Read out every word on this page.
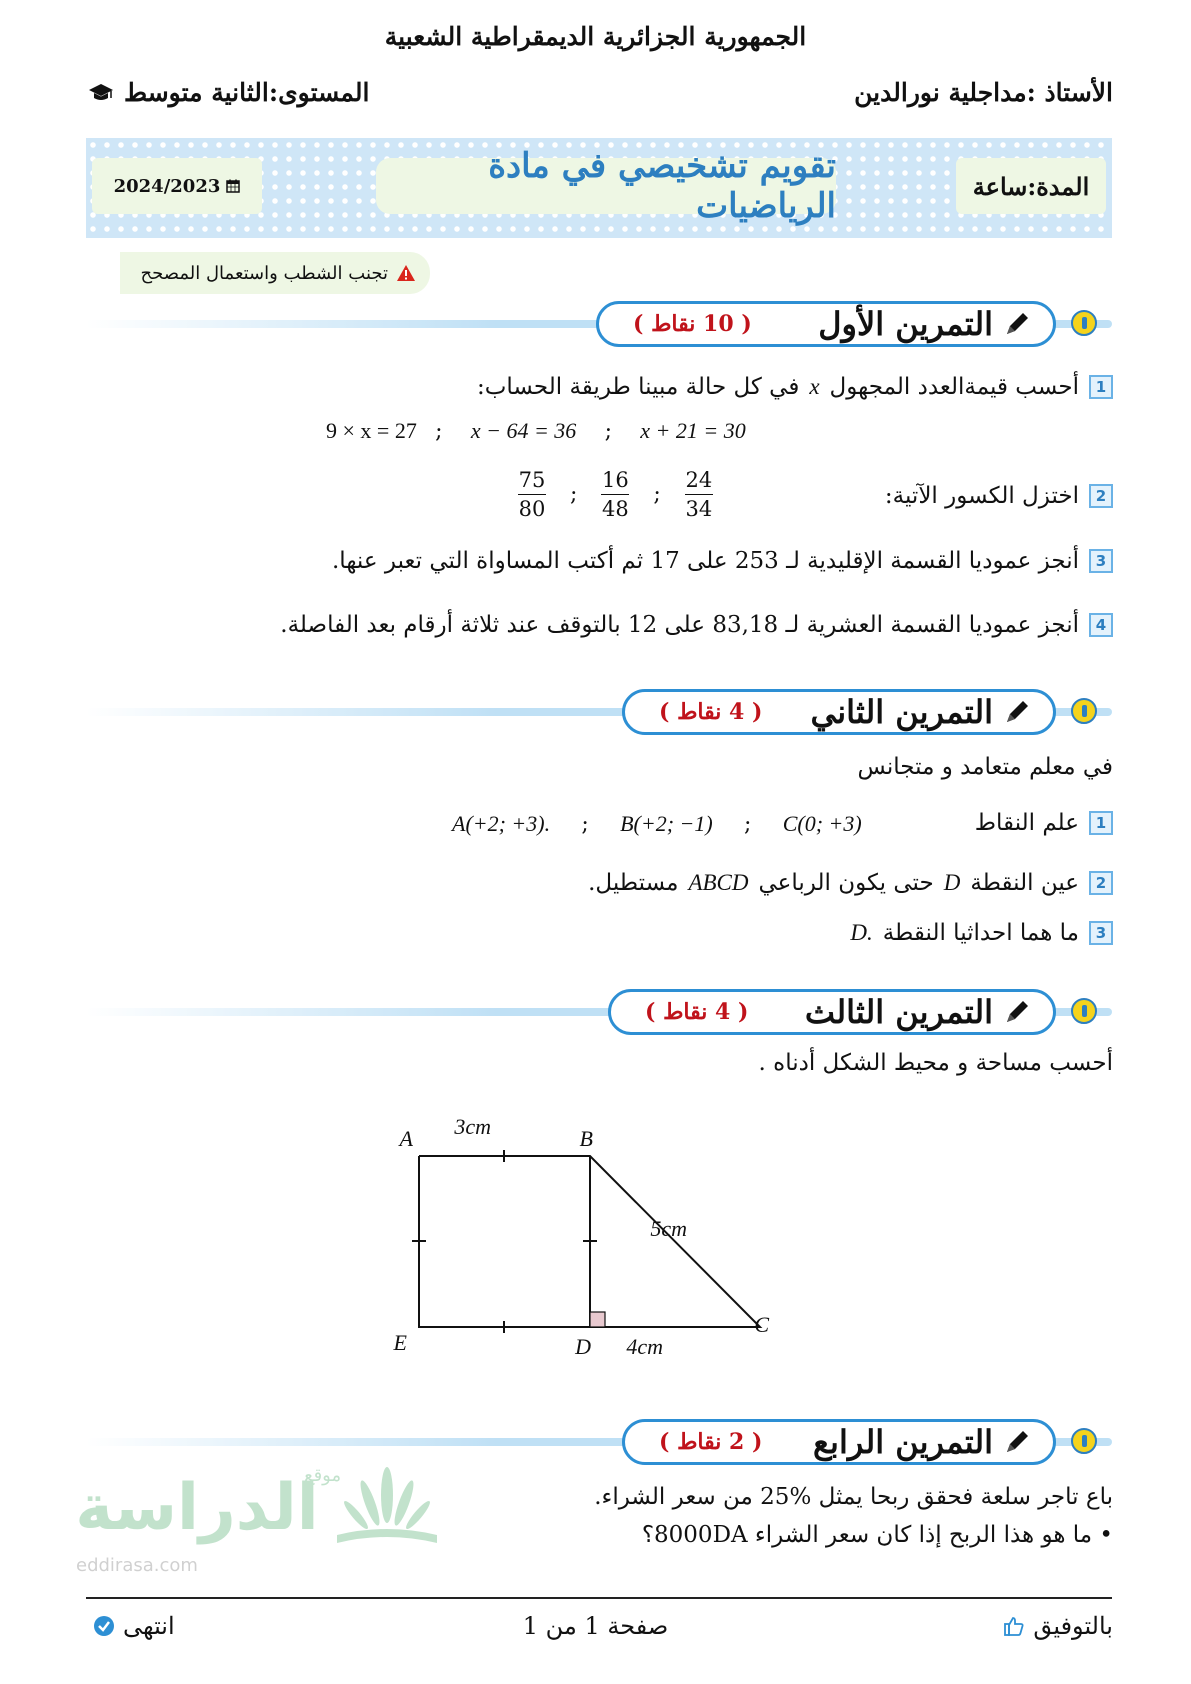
الجمهورية الجزائرية الديمقراطية الشعبية
الأستاذ :مداجلية نورالدين
المستوى:الثانية متوسط
المدة:ساعة
تقويم تشخيصي في مادة الرياضيات
2024/2023
تجنب الشطب واستعمال المصحح
التمرين الأول
( 10 نقاط )
1
أحسب قيمةالعدد المجهول
x
في كل حالة مبينا طريقة الحساب:
9 × x = 27 ; x − 64 = 36 ; x + 21 = 30
2
اختزل الكسور الآتية:
$\frac{75}{80}$ ; $\frac{16}{48}$ ; $\frac{24}{34}$
3
أنجز عموديا القسمة الإقليدية لـ 253 على 17 ثم أكتب المساواة التي تعبر عنها.
4
أنجز عموديا القسمة العشرية لـ 83,18 على 12 بالتوقف عند ثلاثة أرقام بعد الفاصلة.
التمرين الثاني
( 4 نقاط )
في معلم متعامد و متجانس
1
علم النقاط
A(+2; +3). ; B(+2; −1) ; C(0; +3)
2
عين النقطة
D
حتى يكون الرباعي
ABCD
مستطيل.
3
ما هما احداثيا النقطة
D.
التمرين الثالث
( 4 نقاط )
أحسب مساحة و محيط الشكل أدناه .
A	B
C
D
E
3cm
5cm
4cm
التمرين الرابع
( 2 نقاط )
باع تاجر سلعة فحقق ربحا يمثل %25 من سعر الشراء.
• ما هو هذا الربح إذا كان سعر الشراء 8000DA؟
موقع
الدراسة
eddirasa.com
بالتوفيق
صفحة 1 من 1
انتهى
